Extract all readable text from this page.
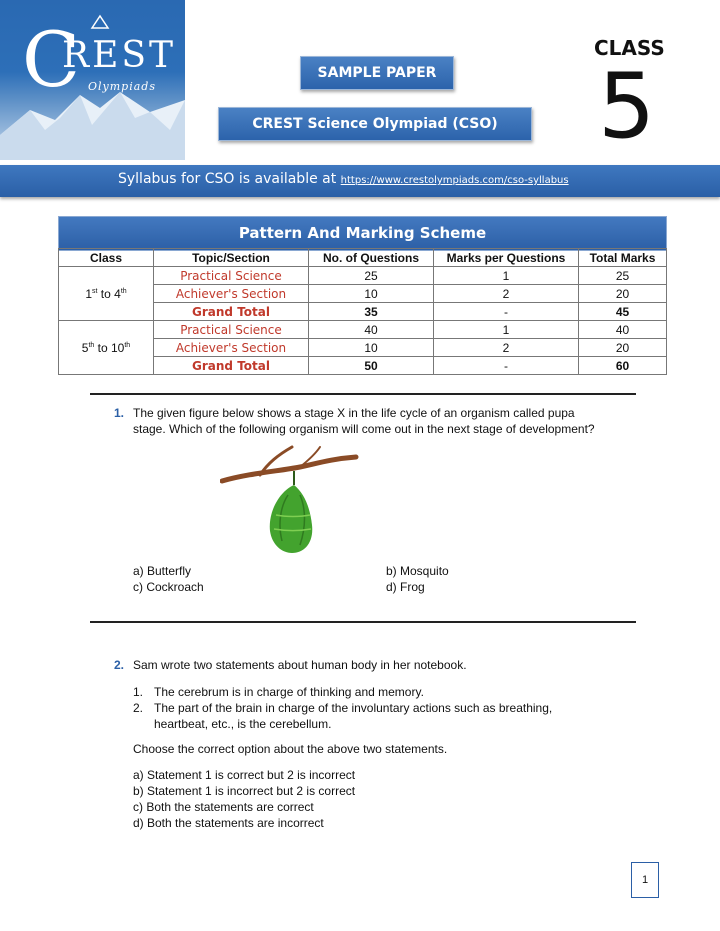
C
REST
Olympiads
SAMPLE PAPER
CREST Science Olympiad (CSO)
CLASS
5
Syllabus for CSO is available at https://www.crestolympiads.com/cso-syllabus
Pattern And Marking Scheme
Class	Topic/Section	No. of Questions	Marks per Questions	Total Marks
	Practical Science	25	1	25
1st to 4th	Achiever's Section	10	2	20
	Grand Total	35	-	45
	Practical Science	40	1	40
5th to 10th	Achiever's Section	10	2	20
	Grand Total	50	-	60
1. The given figure below shows a stage X in the life cycle of an organism called pupa
stage. Which of the following organism will come out in the next stage of development?
a) Butterfly	b) Mosquito
c) Cockroach	d) Frog
2. Sam wrote two statements about human body in her notebook.
1. The cerebrum is in charge of thinking and memory.
2. The part of the brain in charge of the involuntary actions such as breathing,
heartbeat, etc., is the cerebellum.
Choose the correct option about the above two statements.
a) Statement 1 is correct but 2 is incorrect
b) Statement 1 is incorrect but 2 is correct
c) Both the statements are correct
d) Both the statements are incorrect
1
